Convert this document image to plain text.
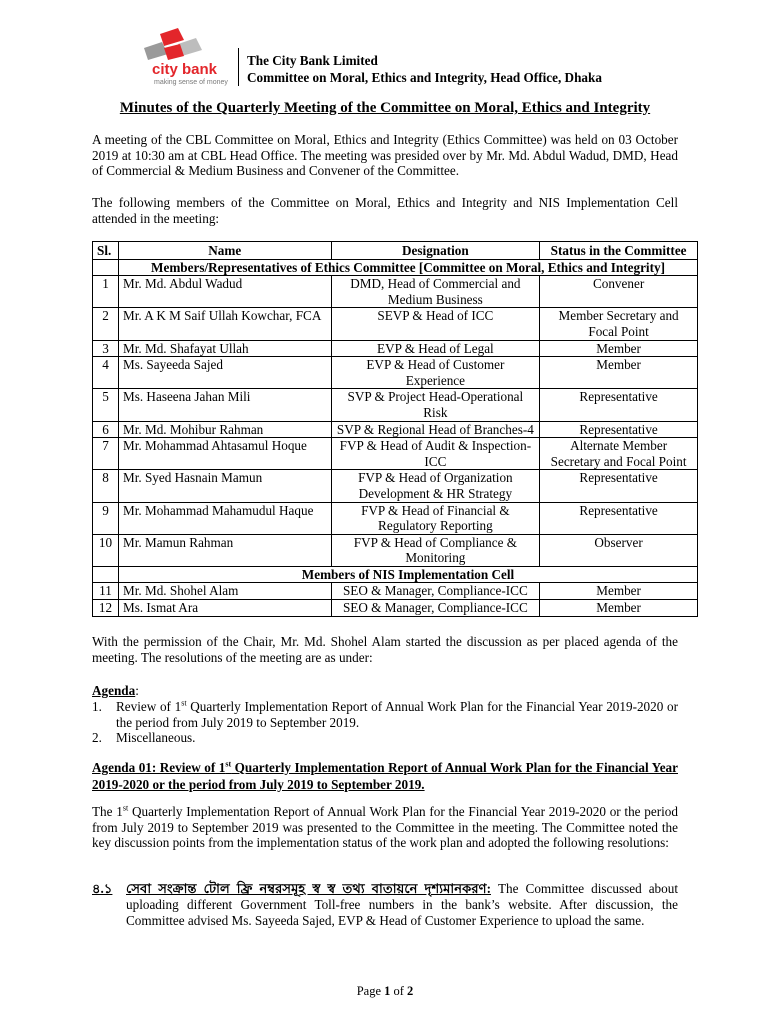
city bank
making sense of money
The City Bank Limited
Committee on Moral, Ethics and Integrity, Head Office, Dhaka
Minutes of the Quarterly Meeting of the Committee on Moral, Ethics and Integrity
A meeting of the CBL Committee on Moral, Ethics and Integrity (Ethics Committee) was held on 03 October 2019 at 10:30 am at CBL Head Office. The meeting was presided over by Mr. Md. Abdul Wadud, DMD, Head of Commercial & Medium Business and Convener of the Committee.
The following members of the Committee on Moral, Ethics and Integrity and NIS Implementation Cell attended in the meeting:
Sl.	Name	Designation	Status in the Committee
	Members/Representatives of Ethics Committee [Committee on Moral, Ethics and Integrity]		
1	Mr. Md. Abdul Wadud	DMD, Head of Commercial and Medium Business	Convener
2	Mr. A K M Saif Ullah Kowchar, FCA	SEVP & Head of ICC	Member Secretary and Focal Point
3	Mr. Md. Shafayat Ullah	EVP & Head of Legal	Member
4	Ms. Sayeeda Sajed	EVP & Head of Customer Experience	Member
5	Ms. Haseena Jahan Mili	SVP & Project Head-Operational Risk	Representative
6	Mr. Md. Mohibur Rahman	SVP & Regional Head of Branches-4	Representative
7	Mr. Mohammad Ahtasamul Hoque	FVP & Head of Audit & Inspection-ICC	Alternate Member Secretary and Focal Point
8	Mr. Syed Hasnain Mamun	FVP & Head of Organization Development & HR Strategy	Representative
9	Mr. Mohammad Mahamudul Haque	FVP & Head of Financial & Regulatory Reporting	Representative
10	Mr. Mamun Rahman	FVP & Head of Compliance & Monitoring	Observer
	Members of NIS Implementation Cell		
11	Mr. Md. Shohel Alam	SEO & Manager, Compliance-ICC	Member
12	Ms. Ismat Ara	SEO & Manager, Compliance-ICC	Member
With the permission of the Chair, Mr. Md. Shohel Alam started the discussion as per placed agenda of the meeting. The resolutions of the meeting are as under:
Agenda:
1. Review of 1st Quarterly Implementation Report of Annual Work Plan for the Financial Year 2019-2020 or the period from July 2019 to September 2019.
2. Miscellaneous.
Agenda 01: Review of 1st Quarterly Implementation Report of Annual Work Plan for the Financial Year 2019-2020 or the period from July 2019 to September 2019.
The 1st Quarterly Implementation Report of Annual Work Plan for the Financial Year 2019-2020 or the period from July 2019 to September 2019 was presented to the Committee in the meeting. The Committee noted the key discussion points from the implementation status of the work plan and adopted the following resolutions:
৪.১ সেবা সংক্রান্ত টোল ফ্রি নম্বরসমূহ স্ব স্ব তথ্য বাতায়নে দৃশ্যমানকরণ: The Committee discussed about uploading different Government Toll-free numbers in the bank’s website. After discussion, the Committee advised Ms. Sayeeda Sajed, EVP & Head of Customer Experience to upload the same.
Page 1 of 2
